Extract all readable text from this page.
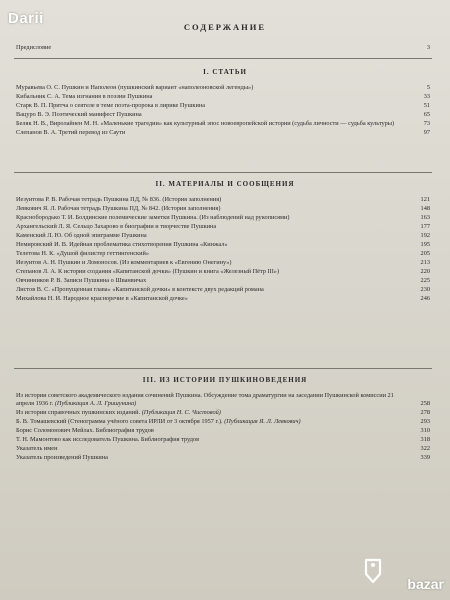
Darii	СОДЕРЖАНИЕ
Предисловие	3
I. СТАТЬИ
Муравьева О. С. Пушкин и Наполеон (пушкинский вариант «наполеоновской легенды»)	5
Кибальник С. А. Тема изгнания в поэзии Пушкина	33
Старк В. П. Притча о сеятеле в теме поэта-пророка в лирике Пушкина	51
Вацуро В. Э. Поэтический манифест Пушкина	65
Беляк Н. В., Виролайнен М. Н. «Маленькие трагедии» как культурный эпос новоевропейской истории (судьба личности — судьба культуры)	73
Слепанов В. А. Третий перевод из Саути	97
II. МАТЕРИАЛЫ И СООБЩЕНИЯ
Иезуитова Р. В. Рабочая тетрадь Пушкина ПД, № 836. (История заполнения)	121
Левкович Я. Л. Рабочая тетрадь Пушкина ПД, № 842. (История заполнения)	148
Краснобородько Т. И. Болдинские полемические заметки Пушкина. (Из наблюдений над рукописями)	163
Архангельский Л. Я. Сельцо Захарово в биографии и творчестве Пушкина	177
Каменский Л. Ю. Об одной эпиграмме Пушкина	192
Немировский И. В. Идейная проблематика стихотворения Пушкина «Кинжал»	195
Телетова Н. К. «Душой филистер геттингенский»	205
Иезуитов А. Н. Пушкин и Ломоносов. (Из комментариев к «Евгению Онегину»)	213
Степанов Л. А. К истории создания «Капитанской дочки» (Пушкин и книга «Железный Пётр III»)	220
Овчинников Р. В. Записи Пушкина о Шванвичах	225
Листов В. С. «Пропущенная глава» «Капитанской дочки» в контексте двух редакций романа	230
Михайлова Н. И. Народное красноречие в «Капитанской дочке»	246
III. ИЗ ИСТОРИИ ПУШКИНОВЕДЕНИЯ
Из истории советского академического издания сочинений Пушкина. Обсуждение тома драматургии на заседании Пушкинской комиссии 21 апреля 1936 г. (Публикация А. Л. Гришунина)	258
Из истории справочных пушкинских изданий. (Публикация Н. С. Чистовой)	278
Б. В. Томашевский (Стенограмма учёного совета ИРЛИ от 3 октября 1957 г.). (Публикация Я. Л. Левкович)	293
Борис Соломонович Мейлах. Библиография трудов	310
Т. Н. Мамонтово как исследователь Пушкина. Библиография трудов	318
Указатель имен	322
Указатель произведений Пушкина	339
bazar
